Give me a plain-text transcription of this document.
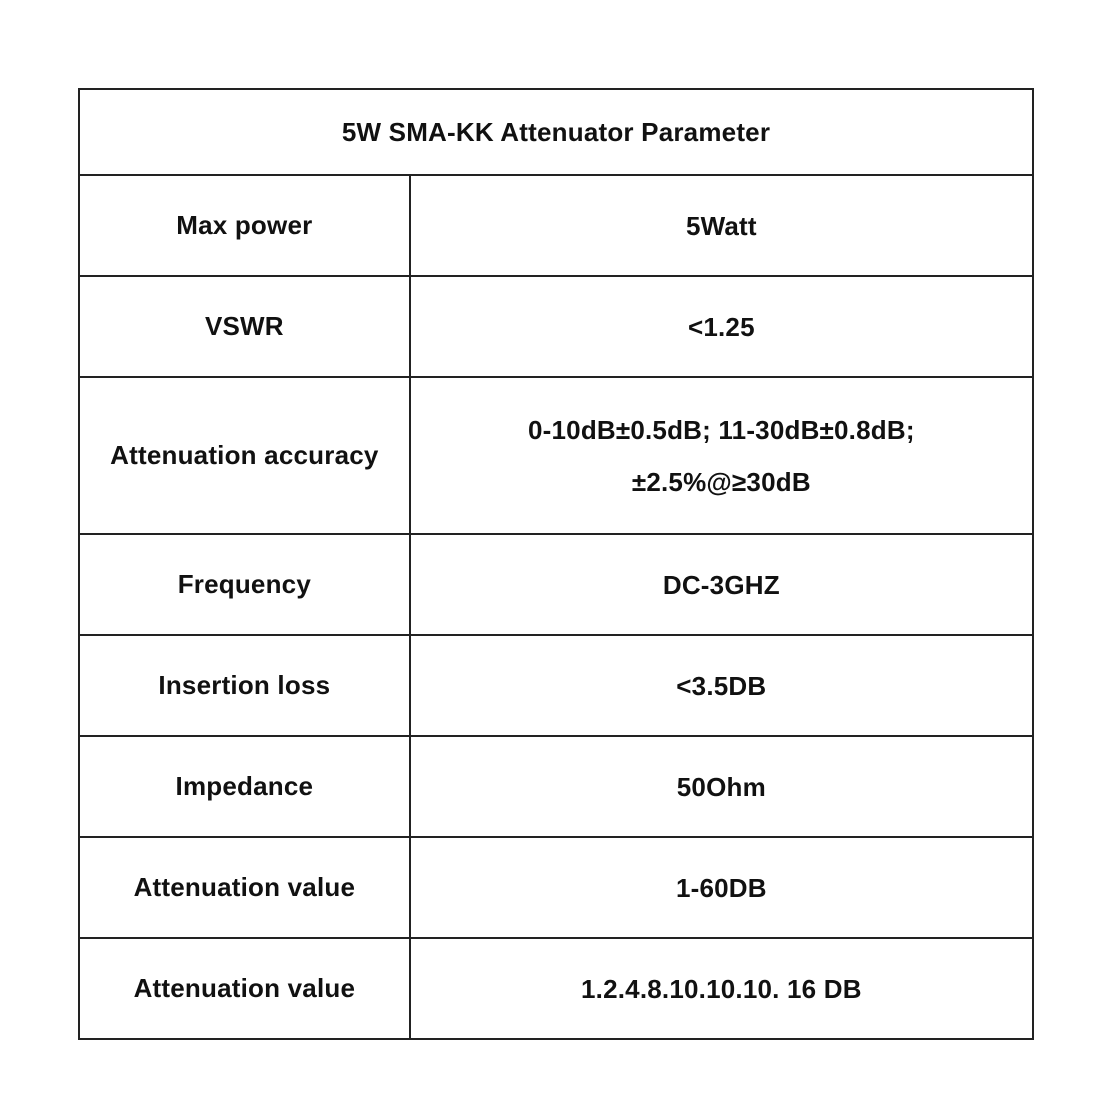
5W SMA-KK Attenuator Parameter	
Max power	5Watt

VSWR	<1.25

Attenuation accuracy	0-10dB±0.5dB; 11-30dB±0.8dB;
±2.5%@≥30dB

Frequency	DC-3GHZ

Insertion loss	<3.5DB

Impedance	50Ohm

Attenuation value	1-60DB

Attenuation value	1.2.4.8.10.10.10. 16 DB
